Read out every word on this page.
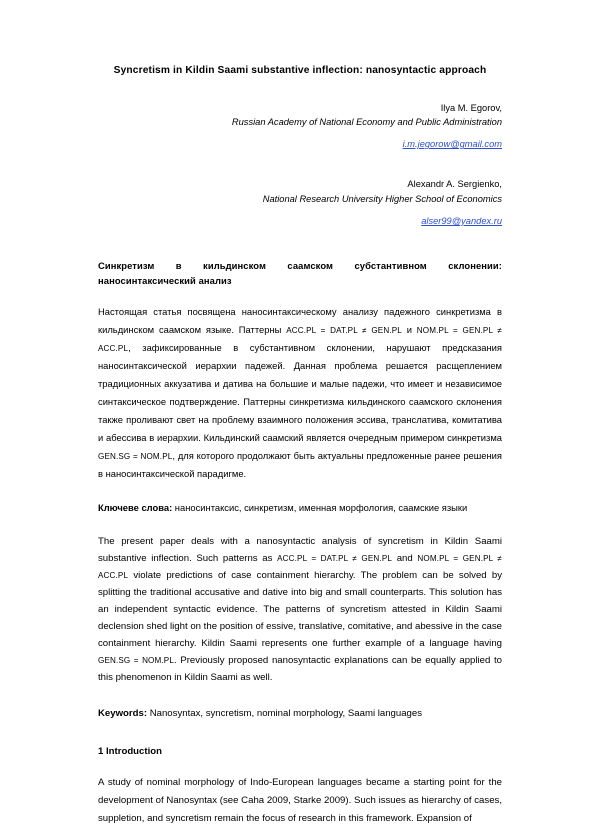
Syncretism in Kildin Saami substantive inflection: nanosyntactic approach
Ilya M. Egorov,
Russian Academy of National Economy and Public Administration
i.m.jegorow@gmail.com
Alexandr A. Sergienko,
National Research University Higher School of Economics
alser99@yandex.ru
Синкретизм в кильдинском саамском субстантивном склонении: наносинтаксический анализ
Настоящая статья посвящена наносинтаксическому анализу падежного синкретизма в кильдинском саамском языке. Паттерны ACC.PL = DAT.PL ≠ GEN.PL и NOM.PL = GEN.PL ≠ ACC.PL, зафиксированные в субстантивном склонении, нарушают предсказания наносинтаксической иерархии падежей. Данная проблема решается расщеплением традиционных аккузатива и датива на большие и малые падежи, что имеет и независимое синтаксическое подтверждение. Паттерны синкретизма кильдинского саамского склонения также проливают свет на проблему взаимного положения эссива, транслатива, комитатива и абессива в иерархии. Кильдинский саамский является очередным примером синкретизма GEN.SG = NOM.PL, для которого продолжают быть актуальны предложенные ранее решения в наносинтаксической парадигме.
Ключеве слова: наносинтаксис, синкретизм, именная морфология, саамские языки
The present paper deals with a nanosyntactic analysis of syncretism in Kildin Saami substantive inflection. Such patterns as ACC.PL = DAT.PL ≠ GEN.PL and NOM.PL = GEN.PL ≠ ACC.PL violate predictions of case containment hierarchy. The problem can be solved by splitting the traditional accusative and dative into big and small counterparts. This solution has an independent syntactic evidence. The patterns of syncretism attested in Kildin Saami declension shed light on the position of essive, translative, comitative, and abessive in the case containment hierarchy. Kildin Saami represents one further example of a language having GEN.SG = NOM.PL. Previously proposed nanosyntactic explanations can be equally applied to this phenomenon in Kildin Saami as well.
Keywords: Nanosyntax, syncretism, nominal morphology, Saami languages
1 Introduction
A study of nominal morphology of Indo-European languages became a starting point for the development of Nanosyntax (see Caha 2009, Starke 2009). Such issues as hierarchy of cases, suppletion, and syncretism remain the focus of research in this framework. Expansion of
